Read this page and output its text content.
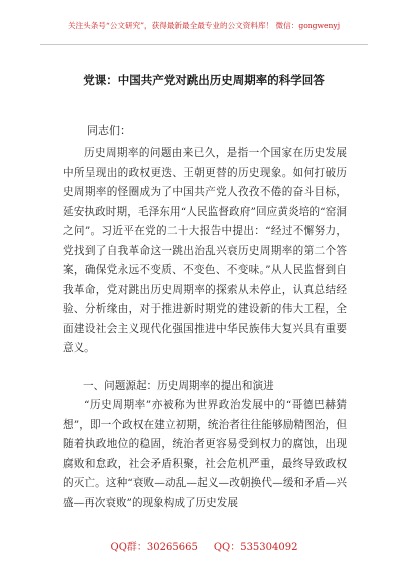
关注头条号“公文研究”，获得最新最全最专业的公文资料库！ 微信：gongwenyj
党课：中国共产党对跳出历史周期率的科学回答
同志们：
历史周期率的问题由来已久，是指一个国家在历史发展中所呈现出的政权更迭、王朝更替的历史现象。如何打破历史周期率的怪圈成为了中国共产党人孜孜不倦的奋斗目标，延安执政时期，毛泽东用“人民监督政府”回应黄炎培的“窑洞之问”。习近平在党的二十大报告中提出：“经过不懈努力，党找到了自我革命这一跳出治乱兴衰历史周期率的第二个答案，确保党永远不变质、不变色、不变味。”从人民监督到自我革命，党对跳出历史周期率的探索从未停止，认真总结经验、分析缘由，对于推进新时期党的建设新的伟大工程，全面建设社会主义现代化强国推进中华民族伟大复兴具有重要意义。
一、问题源起：历史周期率的提出和演进
“历史周期率”亦被称为世界政治发展中的“哥德巴赫猜想”，即一个政权在建立初期，统治者往往能够励精图治，但随着执政地位的稳固，统治者更容易受到权力的腐蚀，出现腐败和怠政，社会矛盾积聚，社会危机严重，最终导致政权的灭亡。这种“衰败—动乱—起义—改朝换代—缓和矛盾—兴盛—再次衰败”的现象构成了历史发展
QQ群：30265665 QQ：535304092
